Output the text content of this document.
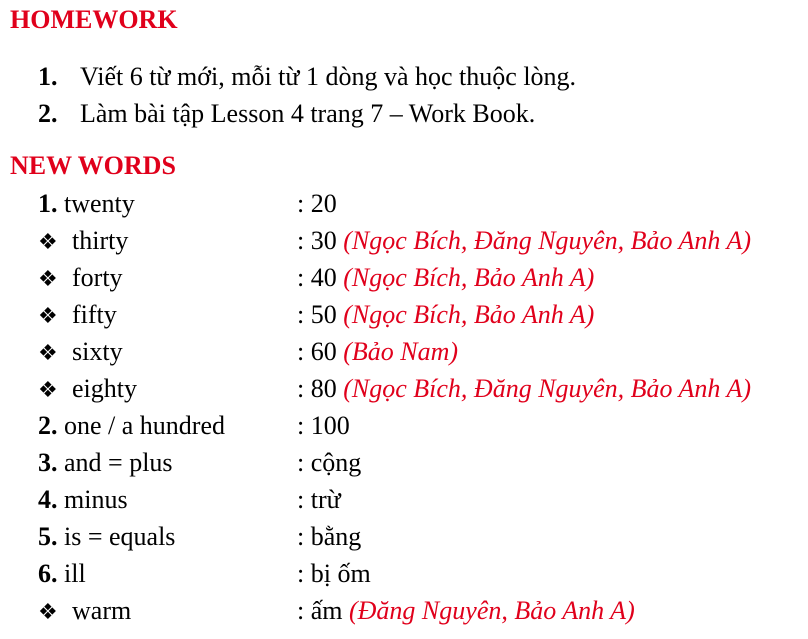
HOMEWORK
1. Viết 6 từ mới, mỗi từ 1 dòng và học thuộc lòng.
2. Làm bài tập Lesson 4 trang 7 – Work Book.
NEW WORDS
1. twenty	: 20
❖ thirty	: 30 (Ngọc Bích, Đăng Nguyên, Bảo Anh A)
❖ forty	: 40 (Ngọc Bích, Bảo Anh A)
❖ fifty	: 50 (Ngọc Bích, Bảo Anh A)
❖ sixty	: 60 (Bảo Nam)
❖ eighty	: 80 (Ngọc Bích, Đăng Nguyên, Bảo Anh A)
2. one / a hundred	: 100
3. and = plus	: cộng
4. minus	: trừ
5. is = equals	: bằng
6. ill	: bị ốm
❖ warm	: ấm (Đăng Nguyên, Bảo Anh A)
